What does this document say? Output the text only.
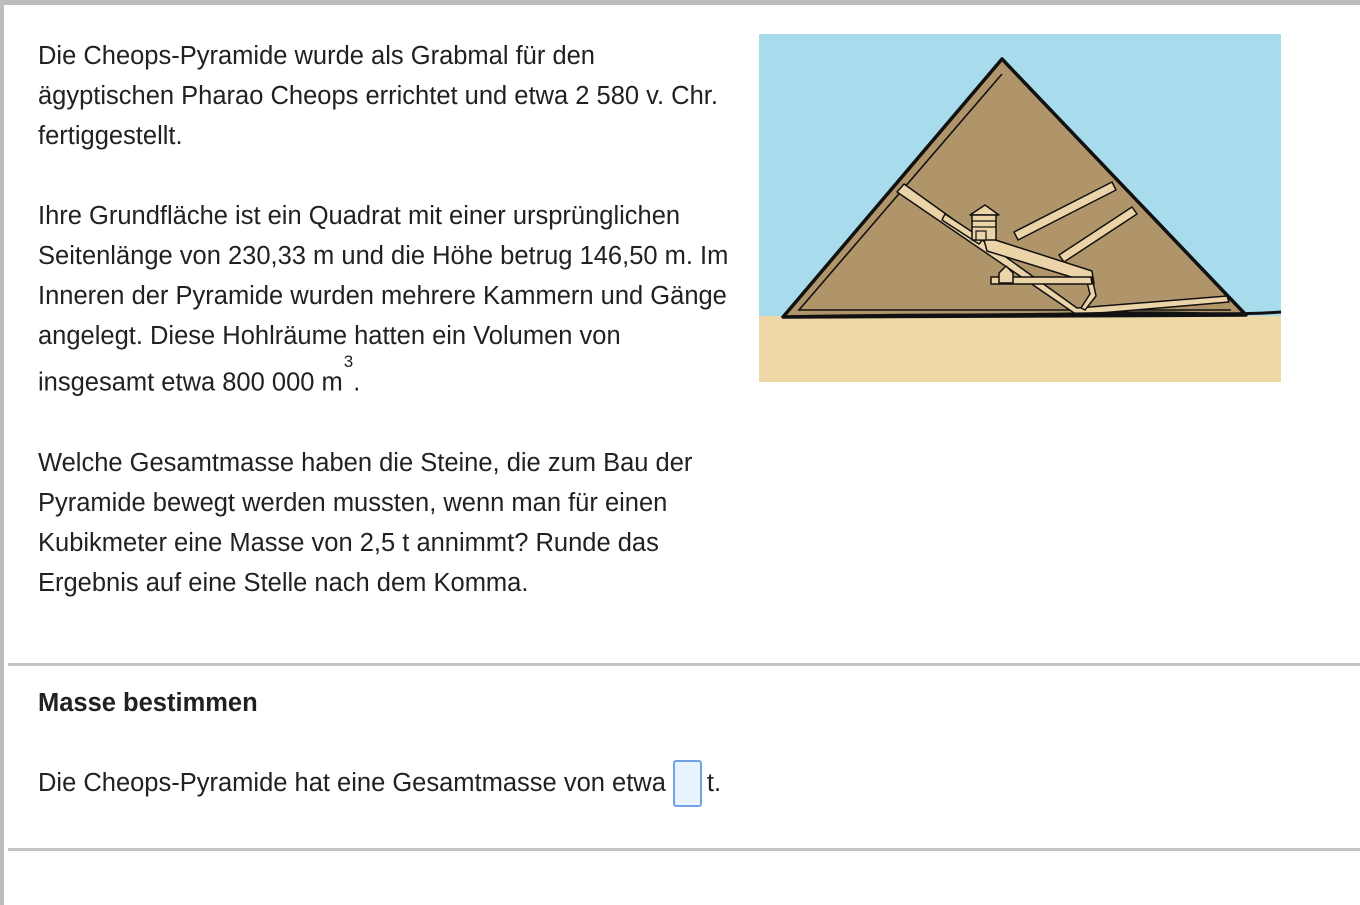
Die Cheops-Pyramide wurde als Grabmal für den ägyptischen Pharao Cheops errichtet und etwa 2 580 v. Chr. fertiggestellt.

Ihre Grundfläche ist ein Quadrat mit einer ursprünglichen Seitenlänge von 230,33 m und die Höhe betrug 146,50 m. Im Inneren der Pyramide wurden mehrere Kammern und Gänge angelegt. Diese Hohlräume hatten ein Volumen von insgesamt etwa 800 000 $m^3$.

Welche Gesamtmasse haben die Steine, die zum Bau der Pyramide bewegt werden mussten, wenn man für einen Kubikmeter eine Masse von 2,5 t annimmt? Runde das Ergebnis auf eine Stelle nach dem Komma.

Masse bestimmen
Die Cheops-Pyramide hat eine Gesamtmasse von etwa t.
